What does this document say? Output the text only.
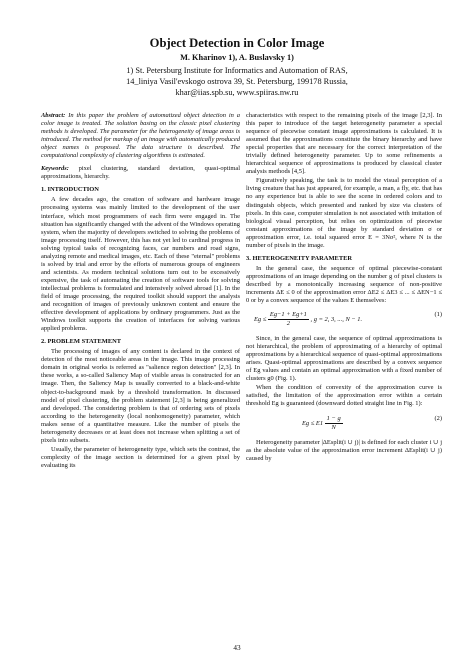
Object Detection in Color Image
M. Kharinov 1), A. Buslavsky 1)
1) St. Petersburg Institute for Informatics and Automation of RAS,
14_liniya Vasil'evskogo ostrova 39, St. Petersburg, 199178 Russia,
khar@iias.spb.su, www.spiiras.nw.ru

Abstract: In this paper the problem of automatized object detection in a color image is treated. The solution basing on the classic pixel clustering methods is developed. The parameter for the heterogeneity of image areas is introduced. The method for markup of an image with automatically produced object names is proposed. The data structure is described. The computational complexity of clustering algorithms is estimated.

Keywords: pixel clustering, standard deviation, quasi-optimal approximations, hierarchy.

1. INTRODUCTION

A few decades ago, the creation of software and hardware image processing systems was mainly limited to the development of the user interface, which most programmers of each firm were engaged in. The situation has significantly changed with the advent of the Windows operating system, when the majority of developers switched to solving the problems of image processing itself. However, this has not yet led to cardinal progress in solving typical tasks of recognizing faces, car numbers and road signs, analyzing remote and medical images, etc. Each of these "eternal" problems is solved by trial and error by the efforts of numerous groups of engineers and scientists. As modern technical solutions turn out to be excessively expensive, the task of automating the creation of software tools for solving intellectual problems is formulated and intensively solved abroad [1]. In the field of image processing, the required toolkit should support the analysis and recognition of images of previously unknown content and ensure the effective development of applications by ordinary programmers. Just as the Windows toolkit supports the creation of interfaces for solving various applied problems.

2. PROBLEM STATEMENT

The processing of images of any content is declared in the context of detection of the most noticeable areas in the image. This image processing domain in original works is referred as "salience region detection" [2,3]. In these works, a so-called Saliency Map of visible areas is constructed for an image. Then, the Saliency Map is usually converted to a black-and-white object-to-background mask by a threshold transformation. In discussed model of pixel clustering, the problem statement [2,3] is being generalized and developed. The considering problem is that of ordering sets of pixels according to the heterogeneity (local nonhomogeneity) parameter, which makes sense of a quantitative measure. Like the number of pixels the heterogeneity decreases or at least does not increase when splitting a set of pixels into subsets.

Usually, the parameter of heterogeneity type, which sets the contrast, the complexity of the image section is determined for a given pixel by evaluating its

characteristics with respect to the remaining pixels of the image [2,3]. In this paper to introduce of the target heterogeneity parameter a special sequence of piecewise constant image approximations is calculated. It is assumed that the approximations constitute the binary hierarchy and have special properties that are necessary for the correct interpretation of the trivially defined heterogeneity parameter. Up to some refinements a hierarchical sequence of approximations is produced by classical cluster analysis methods [4,5].

Figuratively speaking, the task is to model the visual perception of a living creature that has just appeared, for example, a man, a fly, etc. that has no any experience but is able to see the scene in ordered colors and to distinguish objects, which presented and ranked by size via clusters of pixels. In this case, computer simulation is not associated with imitation of biological visual perception, but relies on optimization of piecewise constant approximations of the image by standard deviation σ or approximation error, i.e. total squared error E = 3Nσ², where N is the number of pixels in the image.

3. HETEROGENEITY PARAMETER

In the general case, the sequence of optimal piecewise-constant approximations of an image depending on the number g of pixel clusters is described by a monotonically increasing sequence of non-positive increments ΔE ≤ 0 of the approximation error ΔE2 ≤ ΔE3 ≤ ... ≤ ΔEN−1 ≤ 0 or by a convex sequence of the values E themselves:

$Eg \le \frac{Eg-1 + Eg+1}{2}$ , g = 2, 3, ..., N − 1.
(1)

Since, in the general case, the sequence of optimal approximations is not hierarchical, the problem of approximating of a hierarchy of optimal approximations by a hierarchical sequence of quasi-optimal approximations arises. Quasi-optimal approximations are described by a convex sequence of Eg values and contain an optimal approximation with a fixed number of clusters g0 (Fig. 1).

When the condition of convexity of the approximation curve is satisfied, the limitation of the approximation error within a certain threshold Eg is guaranteed (downward dotted straight line in Fig. 1):

$Eg \le E1 \frac{1 - g}{N}$	(2)

Heterogeneity parameter |ΔEsplit(i ∪ j)| is defined for each cluster i ∪ j as the absolute value of the approximation error increment ΔEsplit(i ∪ j) caused by

43
